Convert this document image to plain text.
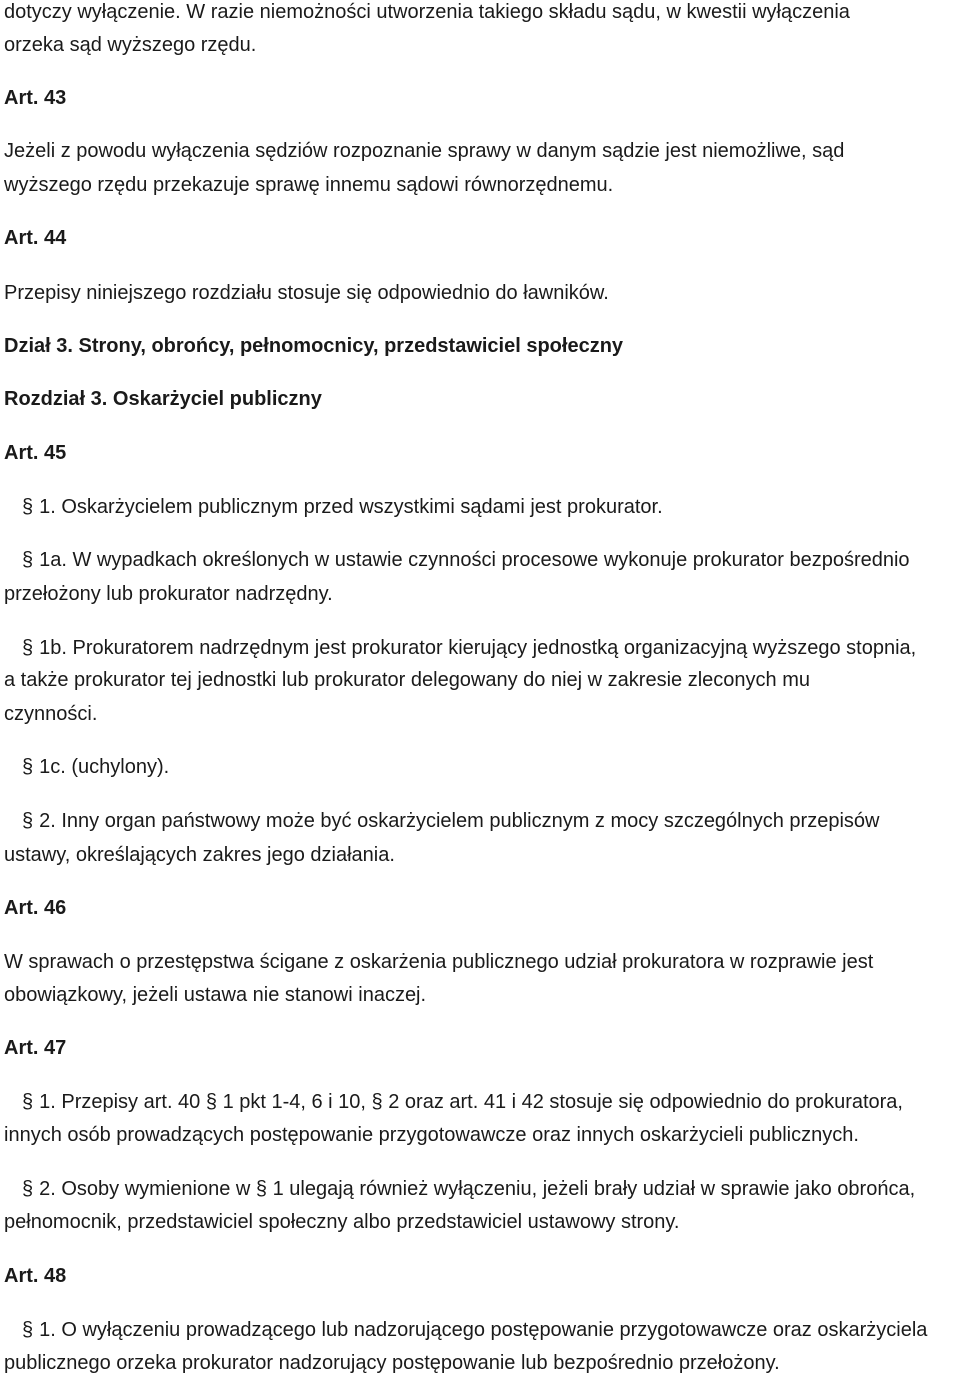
dotyczy wyłączenie. W razie niemożności utworzenia takiego składu sądu, w kwestii wyłączenia
orzeka sąd wyższego rzędu.
Art. 43
Jeżeli z powodu wyłączenia sędziów rozpoznanie sprawy w danym sądzie jest niemożliwe, sąd
wyższego rzędu przekazuje sprawę innemu sądowi równorzędnemu.
Art. 44
Przepisy niniejszego rozdziału stosuje się odpowiednio do ławników.
Dział 3. Strony, obrońcy, pełnomocnicy, przedstawiciel społeczny
Rozdział 3. Oskarżyciel publiczny
Art. 45
§ 1. Oskarżycielem publicznym przed wszystkimi sądami jest prokurator.
§ 1a. W wypadkach określonych w ustawie czynności procesowe wykonuje prokurator bezpośrednio
przełożony lub prokurator nadrzędny.
§ 1b. Prokuratorem nadrzędnym jest prokurator kierujący jednostką organizacyjną wyższego stopnia,
a także prokurator tej jednostki lub prokurator delegowany do niej w zakresie zleconych mu
czynności.
§ 1c. (uchylony).
§ 2. Inny organ państwowy może być oskarżycielem publicznym z mocy szczególnych przepisów
ustawy, określających zakres jego działania.
Art. 46
W sprawach o przestępstwa ścigane z oskarżenia publicznego udział prokuratora w rozprawie jest
obowiązkowy, jeżeli ustawa nie stanowi inaczej.
Art. 47
§ 1. Przepisy art. 40 § 1 pkt 1-4, 6 i 10, § 2 oraz art. 41 i 42 stosuje się odpowiednio do prokuratora,
innych osób prowadzących postępowanie przygotowawcze oraz innych oskarżycieli publicznych.
§ 2. Osoby wymienione w § 1 ulegają również wyłączeniu, jeżeli brały udział w sprawie jako obrońca,
pełnomocnik, przedstawiciel społeczny albo przedstawiciel ustawowy strony.
Art. 48
§ 1. O wyłączeniu prowadzącego lub nadzorującego postępowanie przygotowawcze oraz oskarżyciela
publicznego orzeka prokurator nadzorujący postępowanie lub bezpośrednio przełożony.
